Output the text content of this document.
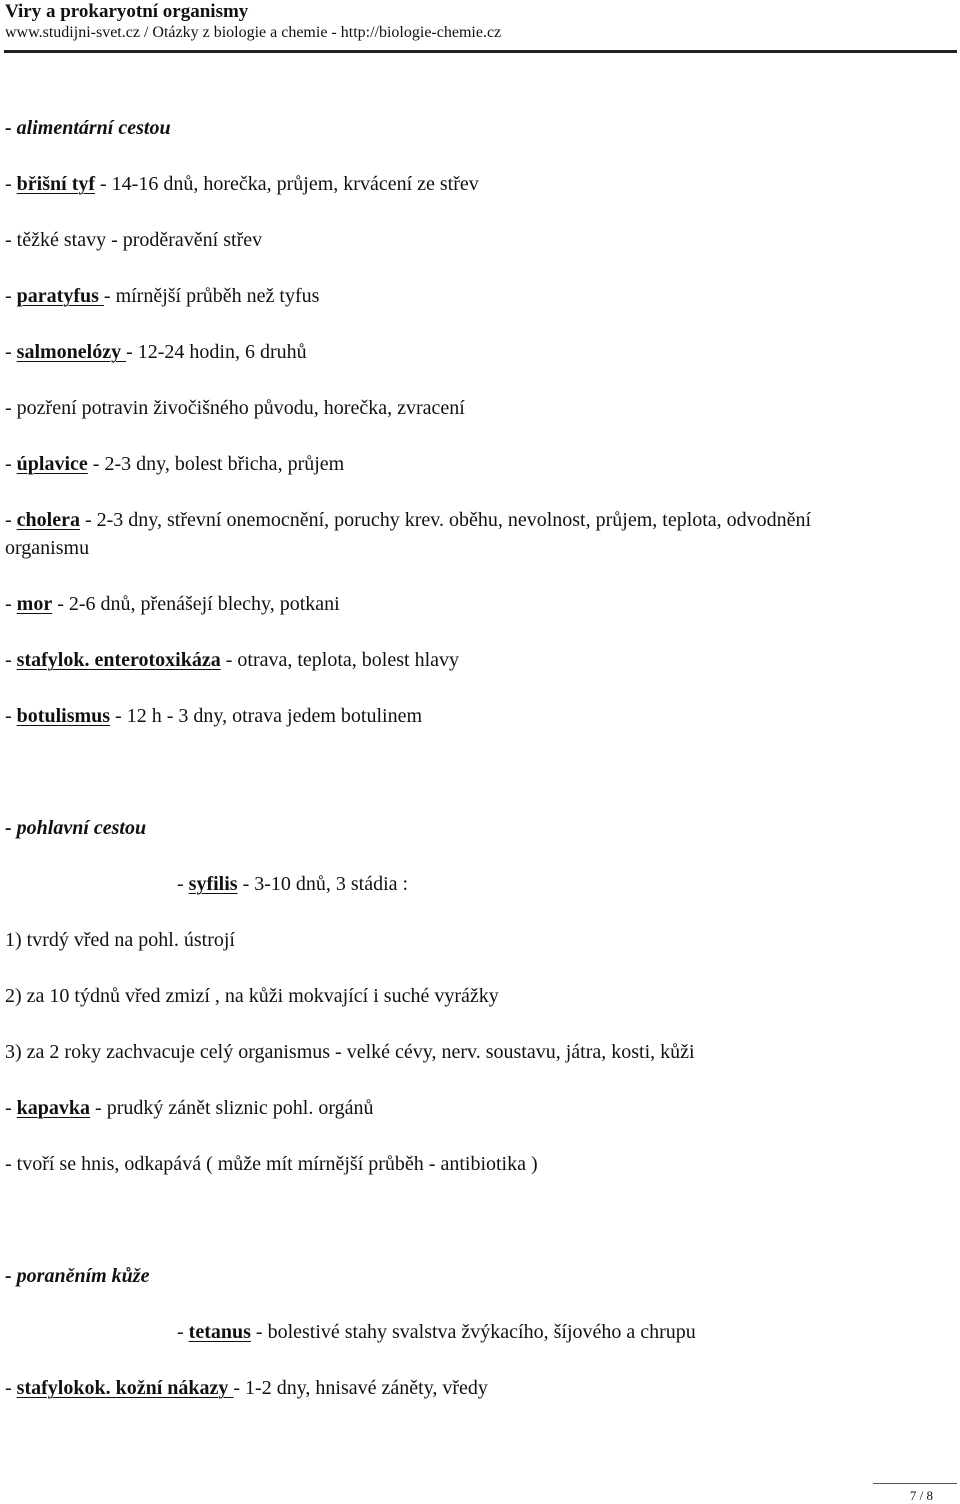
Viry a prokaryotní organismy
www.studijni-svet.cz / Otázky z biologie a chemie - http://biologie-chemie.cz
- alimentární cestou
- břišní tyf - 14-16 dnů, horečka, průjem, krvácení ze střev
- těžké stavy - proděravění střev
- paratyfus - mírnější průběh než tyfus
- salmonelózy - 12-24 hodin, 6 druhů
- pozření potravin živočišného původu, horečka, zvracení
- úplavice - 2-3 dny, bolest břicha, průjem
- cholera - 2-3 dny, střevní onemocnění, poruchy krev. oběhu, nevolnost, průjem, teplota, odvodnění
organismu
- mor - 2-6 dnů, přenášejí blechy, potkani
- stafylok. enterotoxikáza - otrava, teplota, bolest hlavy
- botulismus - 12 h - 3 dny, otrava jedem botulinem
- pohlavní cestou
- syfilis - 3-10 dnů, 3 stádia :
1) tvrdý vřed na pohl. ústrojí
2) za 10 týdnů vřed zmizí , na kůži mokvající i suché vyrážky
3) za 2 roky zachvacuje celý organismus - velké cévy, nerv. soustavu, játra, kosti, kůži
- kapavka - prudký zánět sliznic pohl. orgánů
- tvoří se hnis, odkapává ( může mít mírnější průběh - antibiotika )
- poraněním kůže
- tetanus - bolestivé stahy svalstva žvýkacího, šíjového a chrupu
- stafylokok. kožní nákazy - 1-2 dny, hnisavé záněty, vředy
7 / 8
